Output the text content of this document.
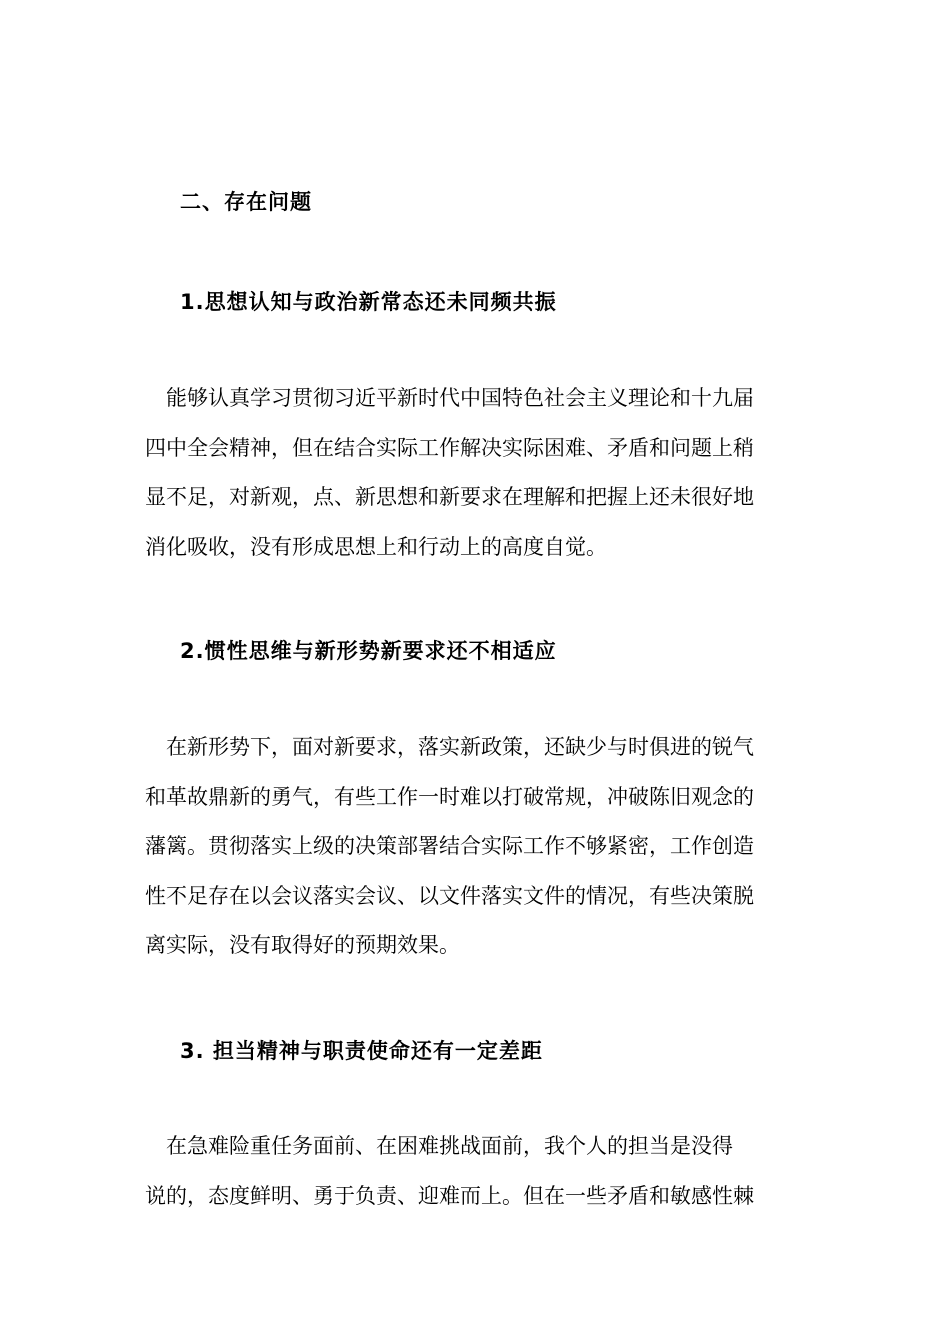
二、存在问题
1.思想认知与政治新常态还未同频共振

　能够认真学习贯彻习近平新时代中国特色社会主义理论和十九届
四中全会精神，但在结合实际工作解决实际困难、矛盾和问题上稍
显不足，对新观，点、新思想和新要求在理解和把握上还未很好地
消化吸收，没有形成思想上和行动上的高度自觉。

2.惯性思维与新形势新要求还不相适应

　在新形势下，面对新要求，落实新政策，还缺少与时俱进的锐气
和革故鼎新的勇气，有些工作一时难以打破常规，冲破陈旧观念的
藩篱。贯彻落实上级的决策部署结合实际工作不够紧密，工作创造
性不足存在以会议落实会议、以文件落实文件的情况，有些决策脱
离实际，没有取得好的预期效果。

3. 担当精神与职责使命还有一定差距

　在急难险重任务面前、在困难挑战面前，我个人的担当是没得
说的，态度鲜明、勇于负责、迎难而上。但在一些矛盾和敏感性棘
